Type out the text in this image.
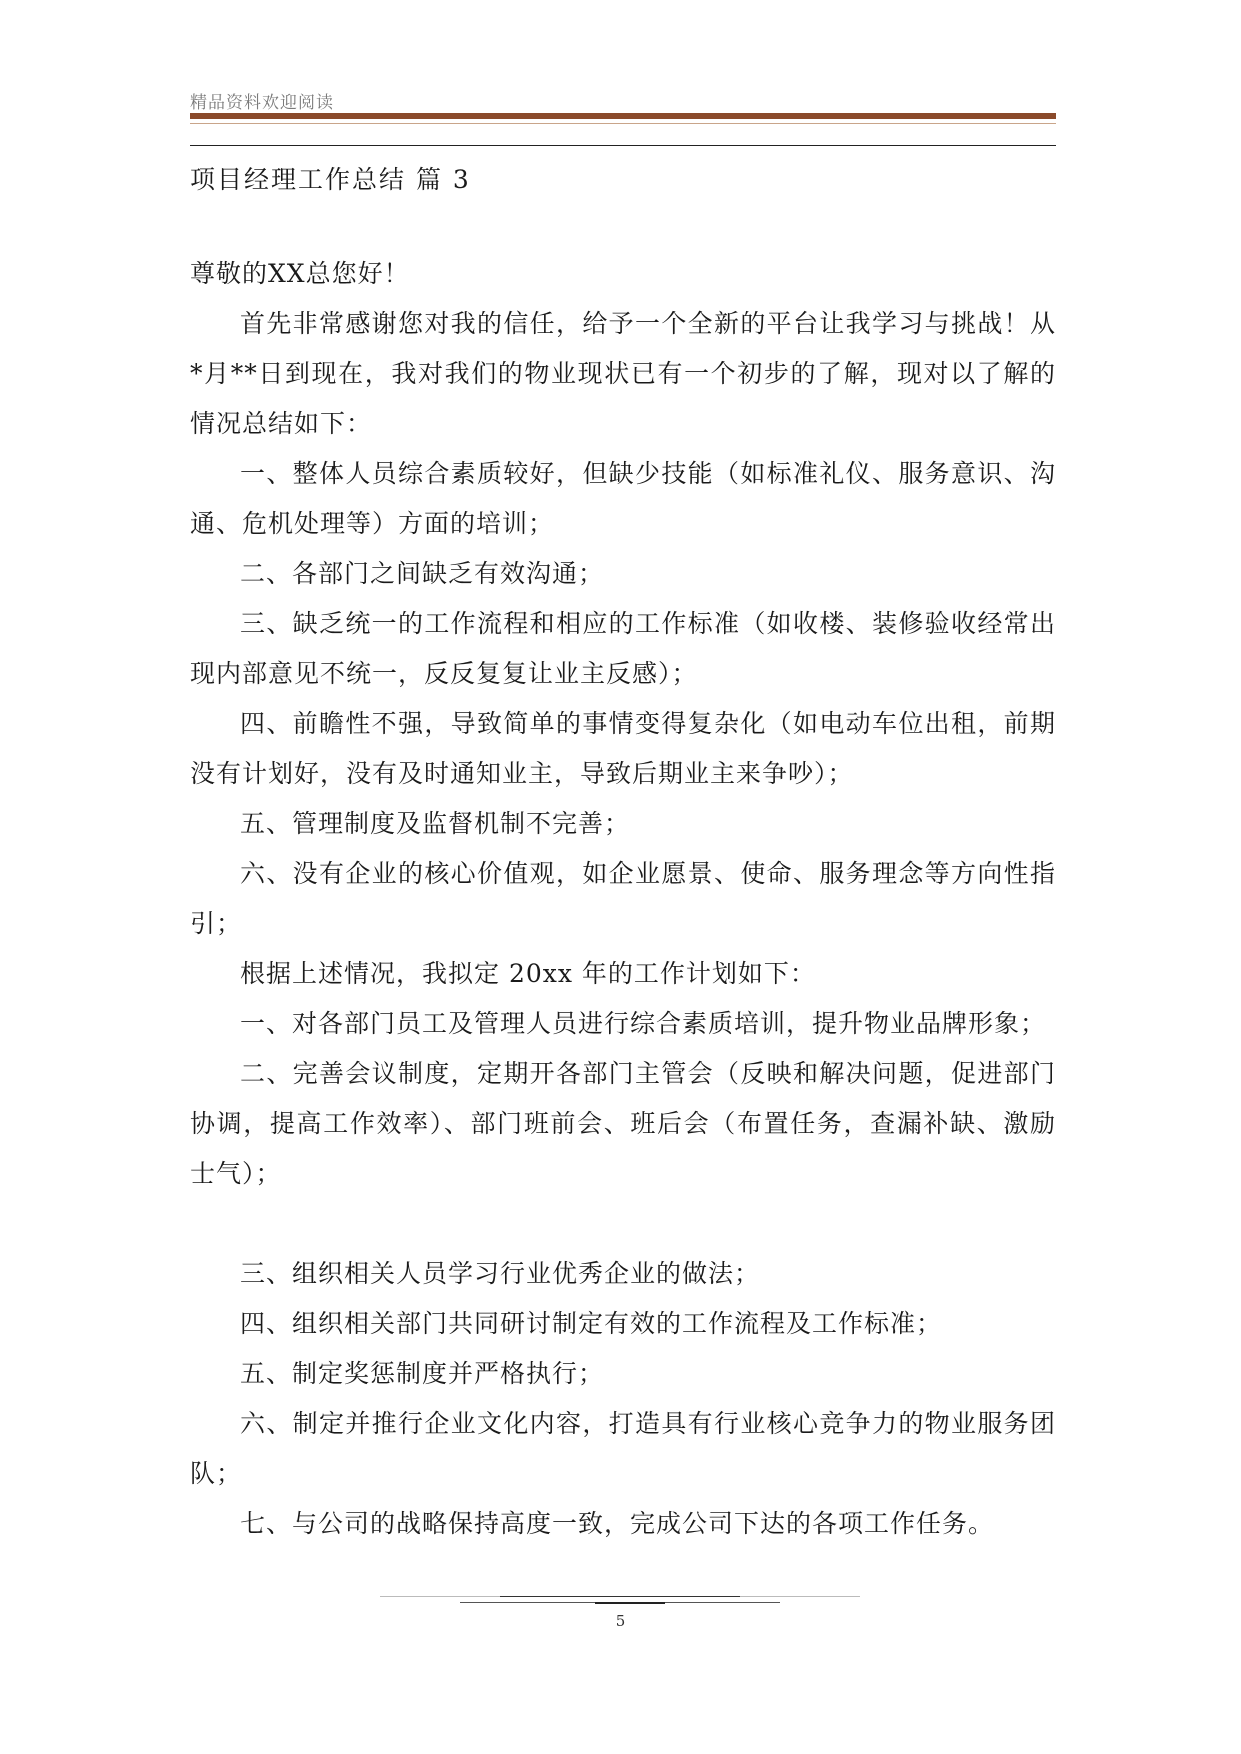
精品资料欢迎阅读
项目经理工作总结 篇 3

尊敬的XX总您好！

首先非常感谢您对我的信任，给予一个全新的平台让我学习与挑战！从*月**日到现在，我对我们的物业现状已有一个初步的了解，现对以了解的情况总结如下：

一、整体人员综合素质较好，但缺少技能（如标准礼仪、服务意识、沟通、危机处理等）方面的培训；

二、各部门之间缺乏有效沟通；

三、缺乏统一的工作流程和相应的工作标准（如收楼、装修验收经常出现内部意见不统一，反反复复让业主反感）；

四、前瞻性不强，导致简单的事情变得复杂化（如电动车位出租，前期没有计划好，没有及时通知业主，导致后期业主来争吵）；

五、管理制度及监督机制不完善；

六、没有企业的核心价值观，如企业愿景、使命、服务理念等方向性指引；

根据上述情况，我拟定 20xx 年的工作计划如下：

一、对各部门员工及管理人员进行综合素质培训，提升物业品牌形象；

二、完善会议制度，定期开各部门主管会（反映和解决问题，促进部门协调，提高工作效率）、部门班前会、班后会（布置任务，查漏补缺、激励士气）；

三、组织相关人员学习行业优秀企业的做法；

四、组织相关部门共同研讨制定有效的工作流程及工作标准；

五、制定奖惩制度并严格执行；

六、制定并推行企业文化内容，打造具有行业核心竞争力的物业服务团队；

七、与公司的战略保持高度一致，完成公司下达的各项工作任务。

5
